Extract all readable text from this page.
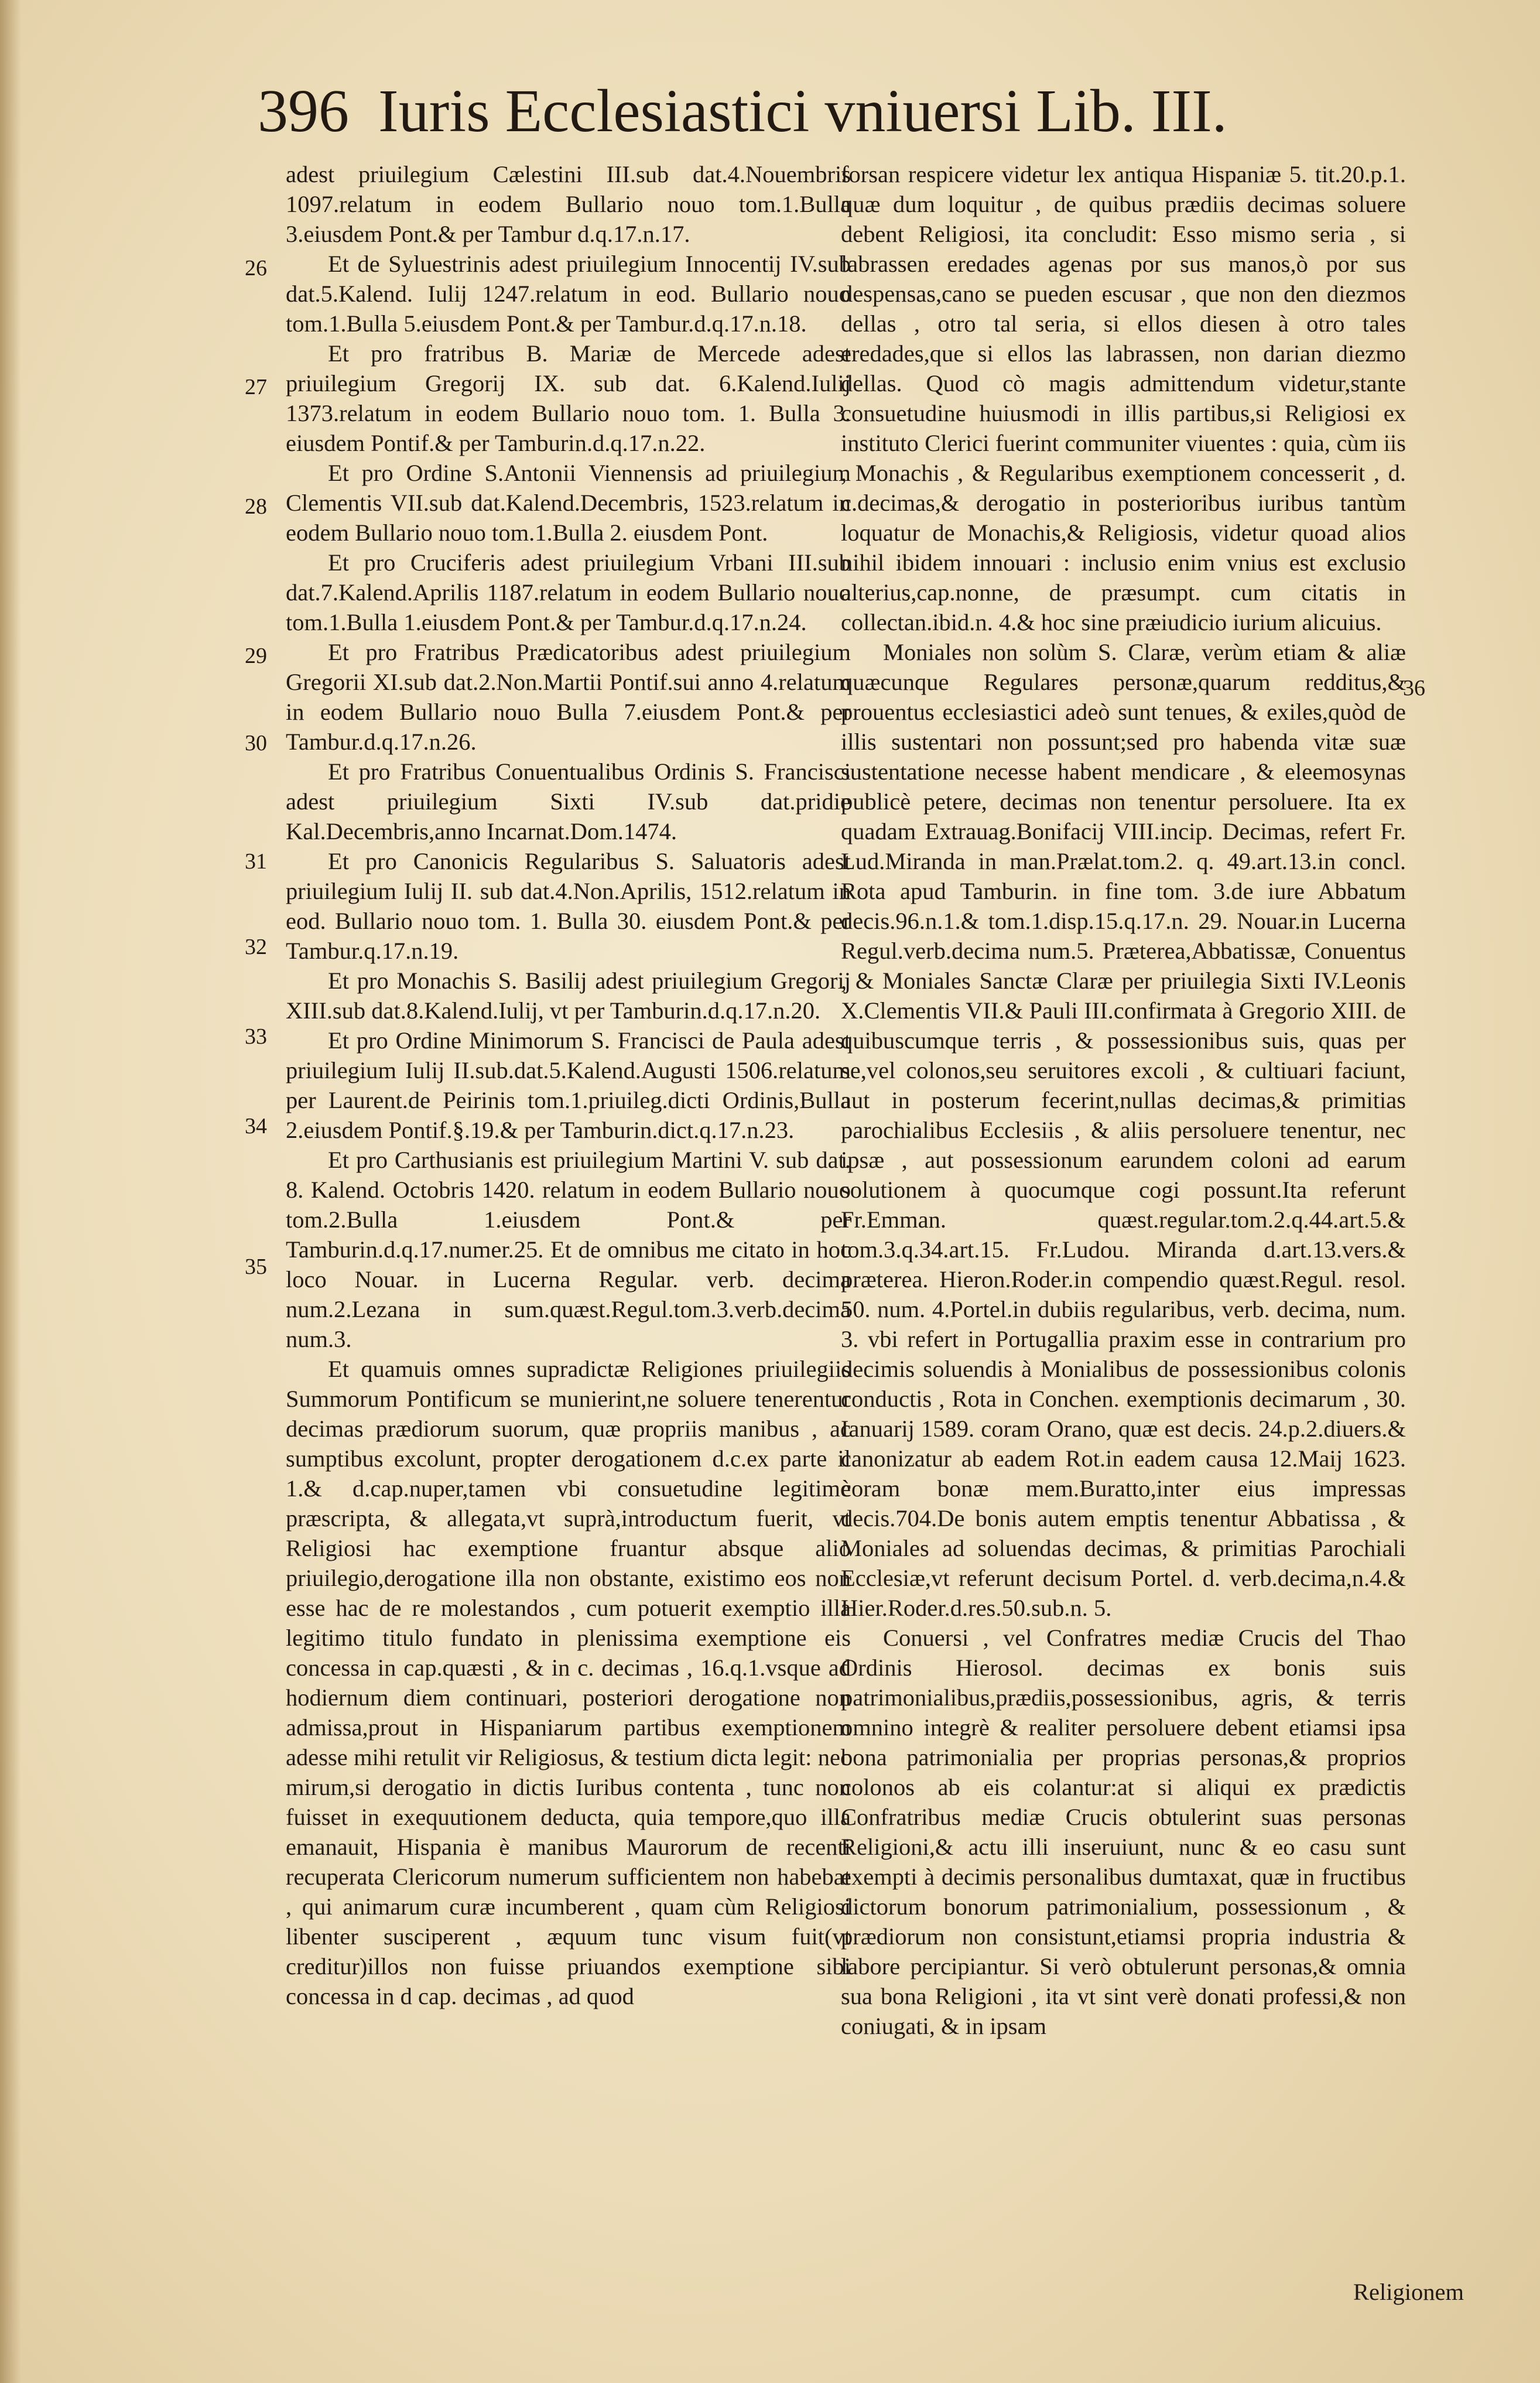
396 Iuris Ecclesiastici vniuersi Lib. III.
26
27
28
29
30
31
32
33
34
35

adest priuilegium Cælestini III.sub dat.4.Nouembris 1097.relatum in eodem Bullario nouo tom.1.Bulla 3.eiusdem Pont.& per Tambur d.q.17.n.17.

Et de Syluestrinis adest priuilegium Innocentij IV.sub dat.5.Kalend. Iulij 1247.relatum in eod. Bullario nouo tom.1.Bulla 5.eiusdem Pont.& per Tambur.d.q.17.n.18.

Et pro fratribus B. Mariæ de Mercede adest priuilegium Gregorij IX. sub dat. 6.Kalend.Iulij 1373.relatum in eodem Bullario nouo tom. 1. Bulla 3. eiusdem Pontif.& per Tamburin.d.q.17.n.22.

Et pro Ordine S.Antonii Viennensis ad priuilegium Clementis VII.sub dat.Kalend.Decembris, 1523.relatum in eodem Bullario nouo tom.1.Bulla 2. eiusdem Pont.

Et pro Cruciferis adest priuilegium Vrbani III.sub dat.7.Kalend.Aprilis 1187.relatum in eodem Bullario nouo tom.1.Bulla 1.eiusdem Pont.& per Tambur.d.q.17.n.24.

Et pro Fratribus Prædicatoribus adest priuilegium Gregorii XI.sub dat.2.Non.Martii Pontif.sui anno 4.relatum in eodem Bullario nouo Bulla 7.eiusdem Pont.& per Tambur.d.q.17.n.26.

Et pro Fratribus Conuentualibus Ordinis S. Francisci adest priuilegium Sixti IV.sub dat.pridie Kal.Decembris,anno Incarnat.Dom.1474.

Et pro Canonicis Regularibus S. Saluatoris adest priuilegium Iulij II. sub dat.4.Non.Aprilis, 1512.relatum in eod. Bullario nouo tom. 1. Bulla 30. eiusdem Pont.& per Tambur.q.17.n.19.

Et pro Monachis S. Basilij adest priuilegium Gregorij XIII.sub dat.8.Kalend.Iulij, vt per Tamburin.d.q.17.n.20.

Et pro Ordine Minimorum S. Francisci de Paula adest priuilegium Iulij II.sub.dat.5.Kalend.Augusti 1506.relatum per Laurent.de Peirinis tom.1.priuileg.dicti Ordinis,Bulla 2.eiusdem Pontif.§.19.& per Tamburin.dict.q.17.n.23.

Et pro Carthusianis est priuilegium Martini V. sub dat. 8. Kalend. Octobris 1420. relatum in eodem Bullario nouo tom.2.Bulla 1.eiusdem Pont.& per Tamburin.d.q.17.numer.25. Et de omnibus me citato in hoc loco Nouar. in Lucerna Regular. verb. decima num.2.Lezana in sum.quæst.Regul.tom.3.verb.decima num.3.

Et quamuis omnes supradictæ Religiones priuilegiis Summorum Pontificum se munierint,ne soluere tenerentur decimas prædiorum suorum, quæ propriis manibus , ac sumptibus excolunt, propter derogationem d.c.ex parte il 1.& d.cap.nuper,tamen vbi consuetudine legitimè præscripta, & allegata,vt suprà,introductum fuerit, vt Religiosi hac exemptione fruantur absque alio priuilegio,derogatione illa non obstante, existimo eos non esse hac de re molestandos , cum potuerit exemptio illa legitimo titulo fundato in plenissima exemptione eis concessa in cap.quæsti , & in c. decimas , 16.q.1.vsque ad hodiernum diem continuari, posteriori derogatione non admissa,prout in Hispaniarum partibus exemptionem adesse mihi retulit vir Religiosus, & testium dicta legit: nec mirum,si derogatio in dictis Iuribus contenta , tunc non fuisset in exequutionem deducta, quia tempore,quo illa emanauit, Hispania è manibus Maurorum de recenti recuperata Clericorum numerum sufficientem non habebat , qui animarum curæ incumberent , quam cùm Religiosi libenter susciperent , æquum tunc visum fuit(vt creditur)illos non fuisse priuandos exemptione sibi concessa in d cap. decimas , ad quod

36

forsan respicere videtur lex antiqua Hispaniæ 5. tit.20.p.1. quæ dum loquitur , de quibus prædiis decimas soluere debent Religiosi, ita concludit: Esso mismo seria , si labrassen eredades agenas por sus manos,ò por sus despensas,cano se pueden escusar , que non den diezmos dellas , otro tal seria, si ellos diesen à otro tales eredades,que si ellos las labrassen, non darian diezmo dellas. Quod cò magis admittendum videtur,stante consuetudine huiusmodi in illis partibus,si Religiosi ex instituto Clerici fuerint communiter viuentes : quia, cùm iis , Monachis , & Regularibus exemptionem concesserit , d. c.decimas,& derogatio in posterioribus iuribus tantùm loquatur de Monachis,& Religiosis, videtur quoad alios nihil ibidem innouari : inclusio enim vnius est exclusio alterius,cap.nonne, de præsumpt. cum citatis in collectan.ibid.n. 4.& hoc sine præiudicio iurium alicuius.

Moniales non solùm S. Claræ, verùm etiam & aliæ quæcunque Regulares personæ,quarum redditus,& prouentus ecclesiastici adeò sunt tenues, & exiles,quòd de illis sustentari non possunt;sed pro habenda vitæ suæ sustentatione necesse habent mendicare , & eleemosynas publicè petere, decimas non tenentur persoluere. Ita ex quadam Extrauag.Bonifacij VIII.incip. Decimas, refert Fr. Lud.Miranda in man.Prælat.tom.2. q. 49.art.13.in concl. Rota apud Tamburin. in fine tom. 3.de iure Abbatum decis.96.n.1.& tom.1.disp.15.q.17.n. 29. Nouar.in Lucerna Regul.verb.decima num.5. Præterea,Abbatissæ, Conuentus , & Moniales Sanctæ Claræ per priuilegia Sixti IV.Leonis X.Clementis VII.& Pauli III.confirmata à Gregorio XIII. de quibuscumque terris , & possessionibus suis, quas per se,vel colonos,seu seruitores excoli , & cultiuari faciunt, aut in posterum fecerint,nullas decimas,& primitias parochialibus Ecclesiis , & aliis persoluere tenentur, nec ipsæ , aut possessionum earundem coloni ad earum solutionem à quocumque cogi possunt.Ita referunt Fr.Emman. quæst.regular.tom.2.q.44.art.5.& tom.3.q.34.art.15. Fr.Ludou. Miranda d.art.13.vers.& præterea. Hieron.Roder.in compendio quæst.Regul. resol. 50. num. 4.Portel.in dubiis regularibus, verb. decima, num. 3. vbi refert in Portugallia praxim esse in contrarium pro decimis soluendis à Monialibus de possessionibus colonis conductis , Rota in Conchen. exemptionis decimarum , 30. Ianuarij 1589. coram Orano, quæ est decis. 24.p.2.diuers.& canonizatur ab eadem Rot.in eadem causa 12.Maij 1623. coram bonæ mem.Buratto,inter eius impressas decis.704.De bonis autem emptis tenentur Abbatissa , & Moniales ad soluendas decimas, & primitias Parochiali Ecclesiæ,vt referunt decisum Portel. d. verb.decima,n.4.& Hier.Roder.d.res.50.sub.n. 5.

Conuersi , vel Confratres mediæ Crucis del Thao Ordinis Hierosol. decimas ex bonis suis patrimonialibus,prædiis,possessionibus, agris, & terris omnino integrè & realiter persoluere debent etiamsi ipsa bona patrimonialia per proprias personas,& proprios colonos ab eis colantur:at si aliqui ex prædictis Confratribus mediæ Crucis obtulerint suas personas Religioni,& actu illi inseruiunt, nunc & eo casu sunt exempti à decimis personalibus dumtaxat, quæ in fructibus dictorum bonorum patrimonialium, possessionum , & prædiorum non consistunt,etiamsi propria industria & labore percipiantur. Si verò obtulerunt personas,& omnia sua bona Religioni , ita vt sint verè donati professi,& non coniugati, & in ipsam

Religionem
